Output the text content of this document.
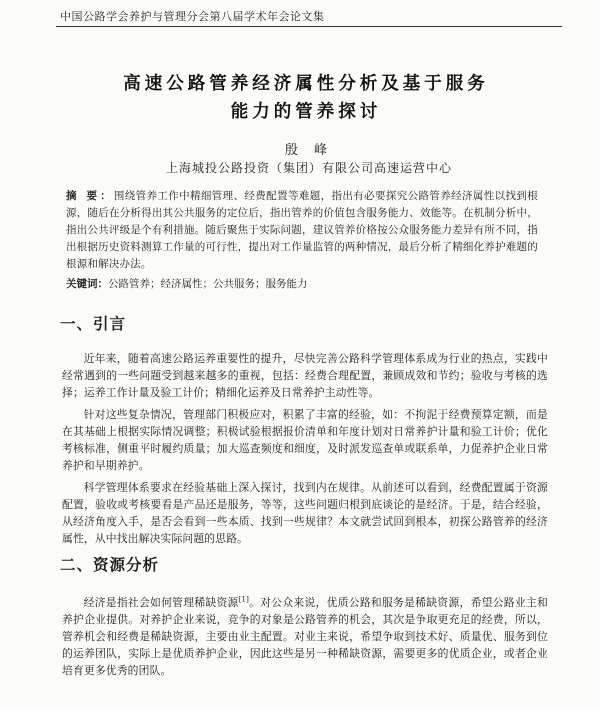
中国公路学会养护与管理分会第八届学术年会论文集
高速公路管养经济属性分析及基于服务
能力的管养探讨
殷 峰
上海城投公路投资（集团）有限公司高速运营中心
摘 要：围绕管养工作中精细管理、经费配置等难题，指出有必要探究公路管养经济属性以找到根源，随后在分析得出其公共服务的定位后，指出管养的价值包含服务能力、效能等。在机制分析中，指出公共评级是个有利措施。随后聚焦于实际问题，建议管养价格按公众服务能力差异有所不同，指出根据历史资料测算工作量的可行性，提出对工作量监管的两种情况，最后分析了精细化养护难题的根源和解决办法。
关键词：公路管养；经济属性；公共服务；服务能力
一、引言

近年来，随着高速公路运养重要性的提升，尽快完善公路科学管理体系成为行业的热点，实践中经常遇到的一些问题受到越来越多的重视，包括：经费合理配置，兼顾成效和节约；验收与考核的选择；运养工作计量及验工计价；精细化运养及日常养护主动性等。

针对这些复杂情况，管理部门积极应对，积累了丰富的经验，如：不拘泥于经费预算定额，而是在其基础上根据实际情况调整；积极试验根据报价清单和年度计划对日常养护计量和验工计价；优化考核标准，侧重平时履约质量；加大巡查频度和细度，及时派发巡查单或联系单，力促养护企业日常养护和早期养护。

科学管理体系要求在经验基础上深入探讨，找到内在规律。从前述可以看到，经费配置属于资源配置，验收或考核要看是产品还是服务，等等，这些问题归根到底谈论的是经济。于是，结合经验，从经济角度入手，是否会看到一些本质、找到一些规律？本文就尝试回到根本，初探公路管养的经济属性，从中找出解决实际问题的思路。

二、资源分析

经济是指社会如何管理稀缺资源[1]。对公众来说，优质公路和服务是稀缺资源，希望公路业主和养护企业提供。对养护企业来说，竞争的对象是公路管养的机会，其次是争取更充足的经费，所以，管养机会和经费是稀缺资源，主要由业主配置。对业主来说，希望争取到技术好、质量优、服务到位的运养团队，实际上是优质养护企业，因此这些是另一种稀缺资源，需要更多的优质企业，或者企业培育更多优秀的团队。
